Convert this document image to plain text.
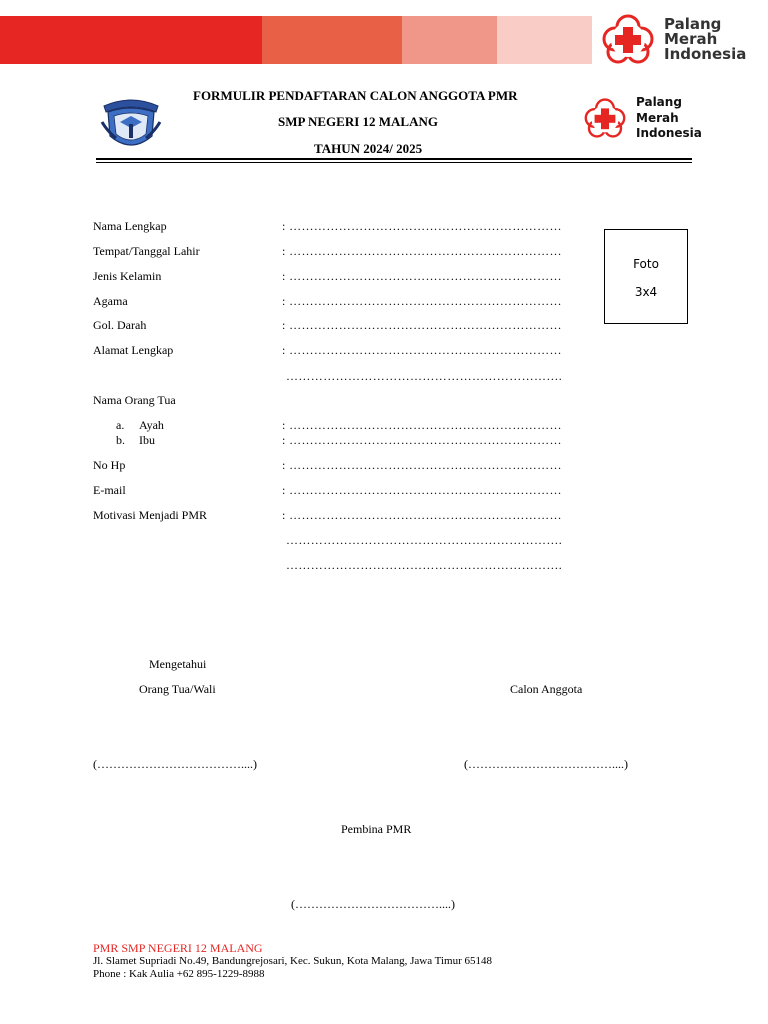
Palang
Merah
Indonesia
FORMULIR PENDAFTARAN CALON ANGGOTA PMR
SMP NEGERI 12 MALANG
TAHUN 2024/ 2025
Palang
Merah
Indonesia
Nama Lengkap	: …………………………………………………………
Tempat/Tanggal Lahir	: …………………………………………………………
Jenis Kelamin	: …………………………………………………………
Agama	: …………………………………………………………
Gol. Darah	: …………………………………………………………
Alamat Lengkap	: …………………………………………………………
………………………………………………………….
Nama Orang Tua
a. Ayah	: …………………………………………………………
b. Ibu	: …………………………………………………………
No Hp	: …………………………………………………………
E-mail	: …………………………………………………………
Motivasi Menjadi PMR	: …………………………………………………………
………………………………………………………….
………………………………………………………….
Foto
3x4
Mengetahui
Orang Tua/Wali	Calon Anggota
(………………………………....)	(………………………………....)
Pembina PMR
(………………………………....)
PMR SMP NEGERI 12 MALANG
Jl. Slamet Supriadi No.49, Bandungrejosari, Kec. Sukun, Kota Malang, Jawa Timur 65148
Phone : Kak Aulia +62 895-1229-8988
